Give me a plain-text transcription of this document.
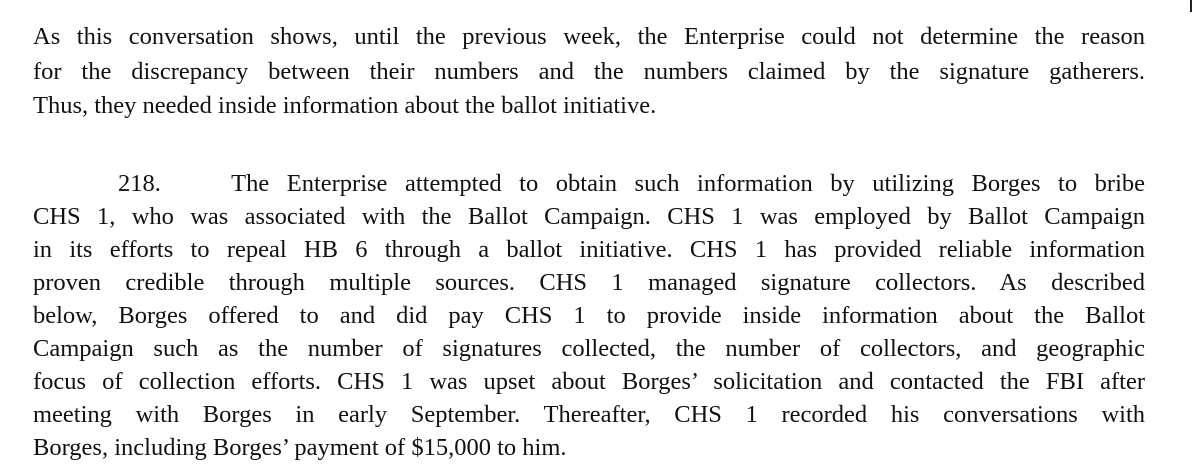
As this conversation shows, until the previous week, the Enterprise could not determine the reason
for the discrepancy between their numbers and the numbers claimed by the signature gatherers.
Thus, they needed inside information about the ballot initiative.
218.	The Enterprise attempted to obtain such information by utilizing Borges to bribe
CHS 1, who was associated with the Ballot Campaign. CHS 1 was employed by Ballot Campaign
in its efforts to repeal HB 6 through a ballot initiative. CHS 1 has provided reliable information
proven credible through multiple sources. CHS 1 managed signature collectors. As described
below, Borges offered to and did pay CHS 1 to provide inside information about the Ballot
Campaign such as the number of signatures collected, the number of collectors, and geographic
focus of collection efforts. CHS 1 was upset about Borges’ solicitation and contacted the FBI after
meeting with Borges in early September. Thereafter, CHS 1 recorded his conversations with
Borges, including Borges’ payment of $15,000 to him.
